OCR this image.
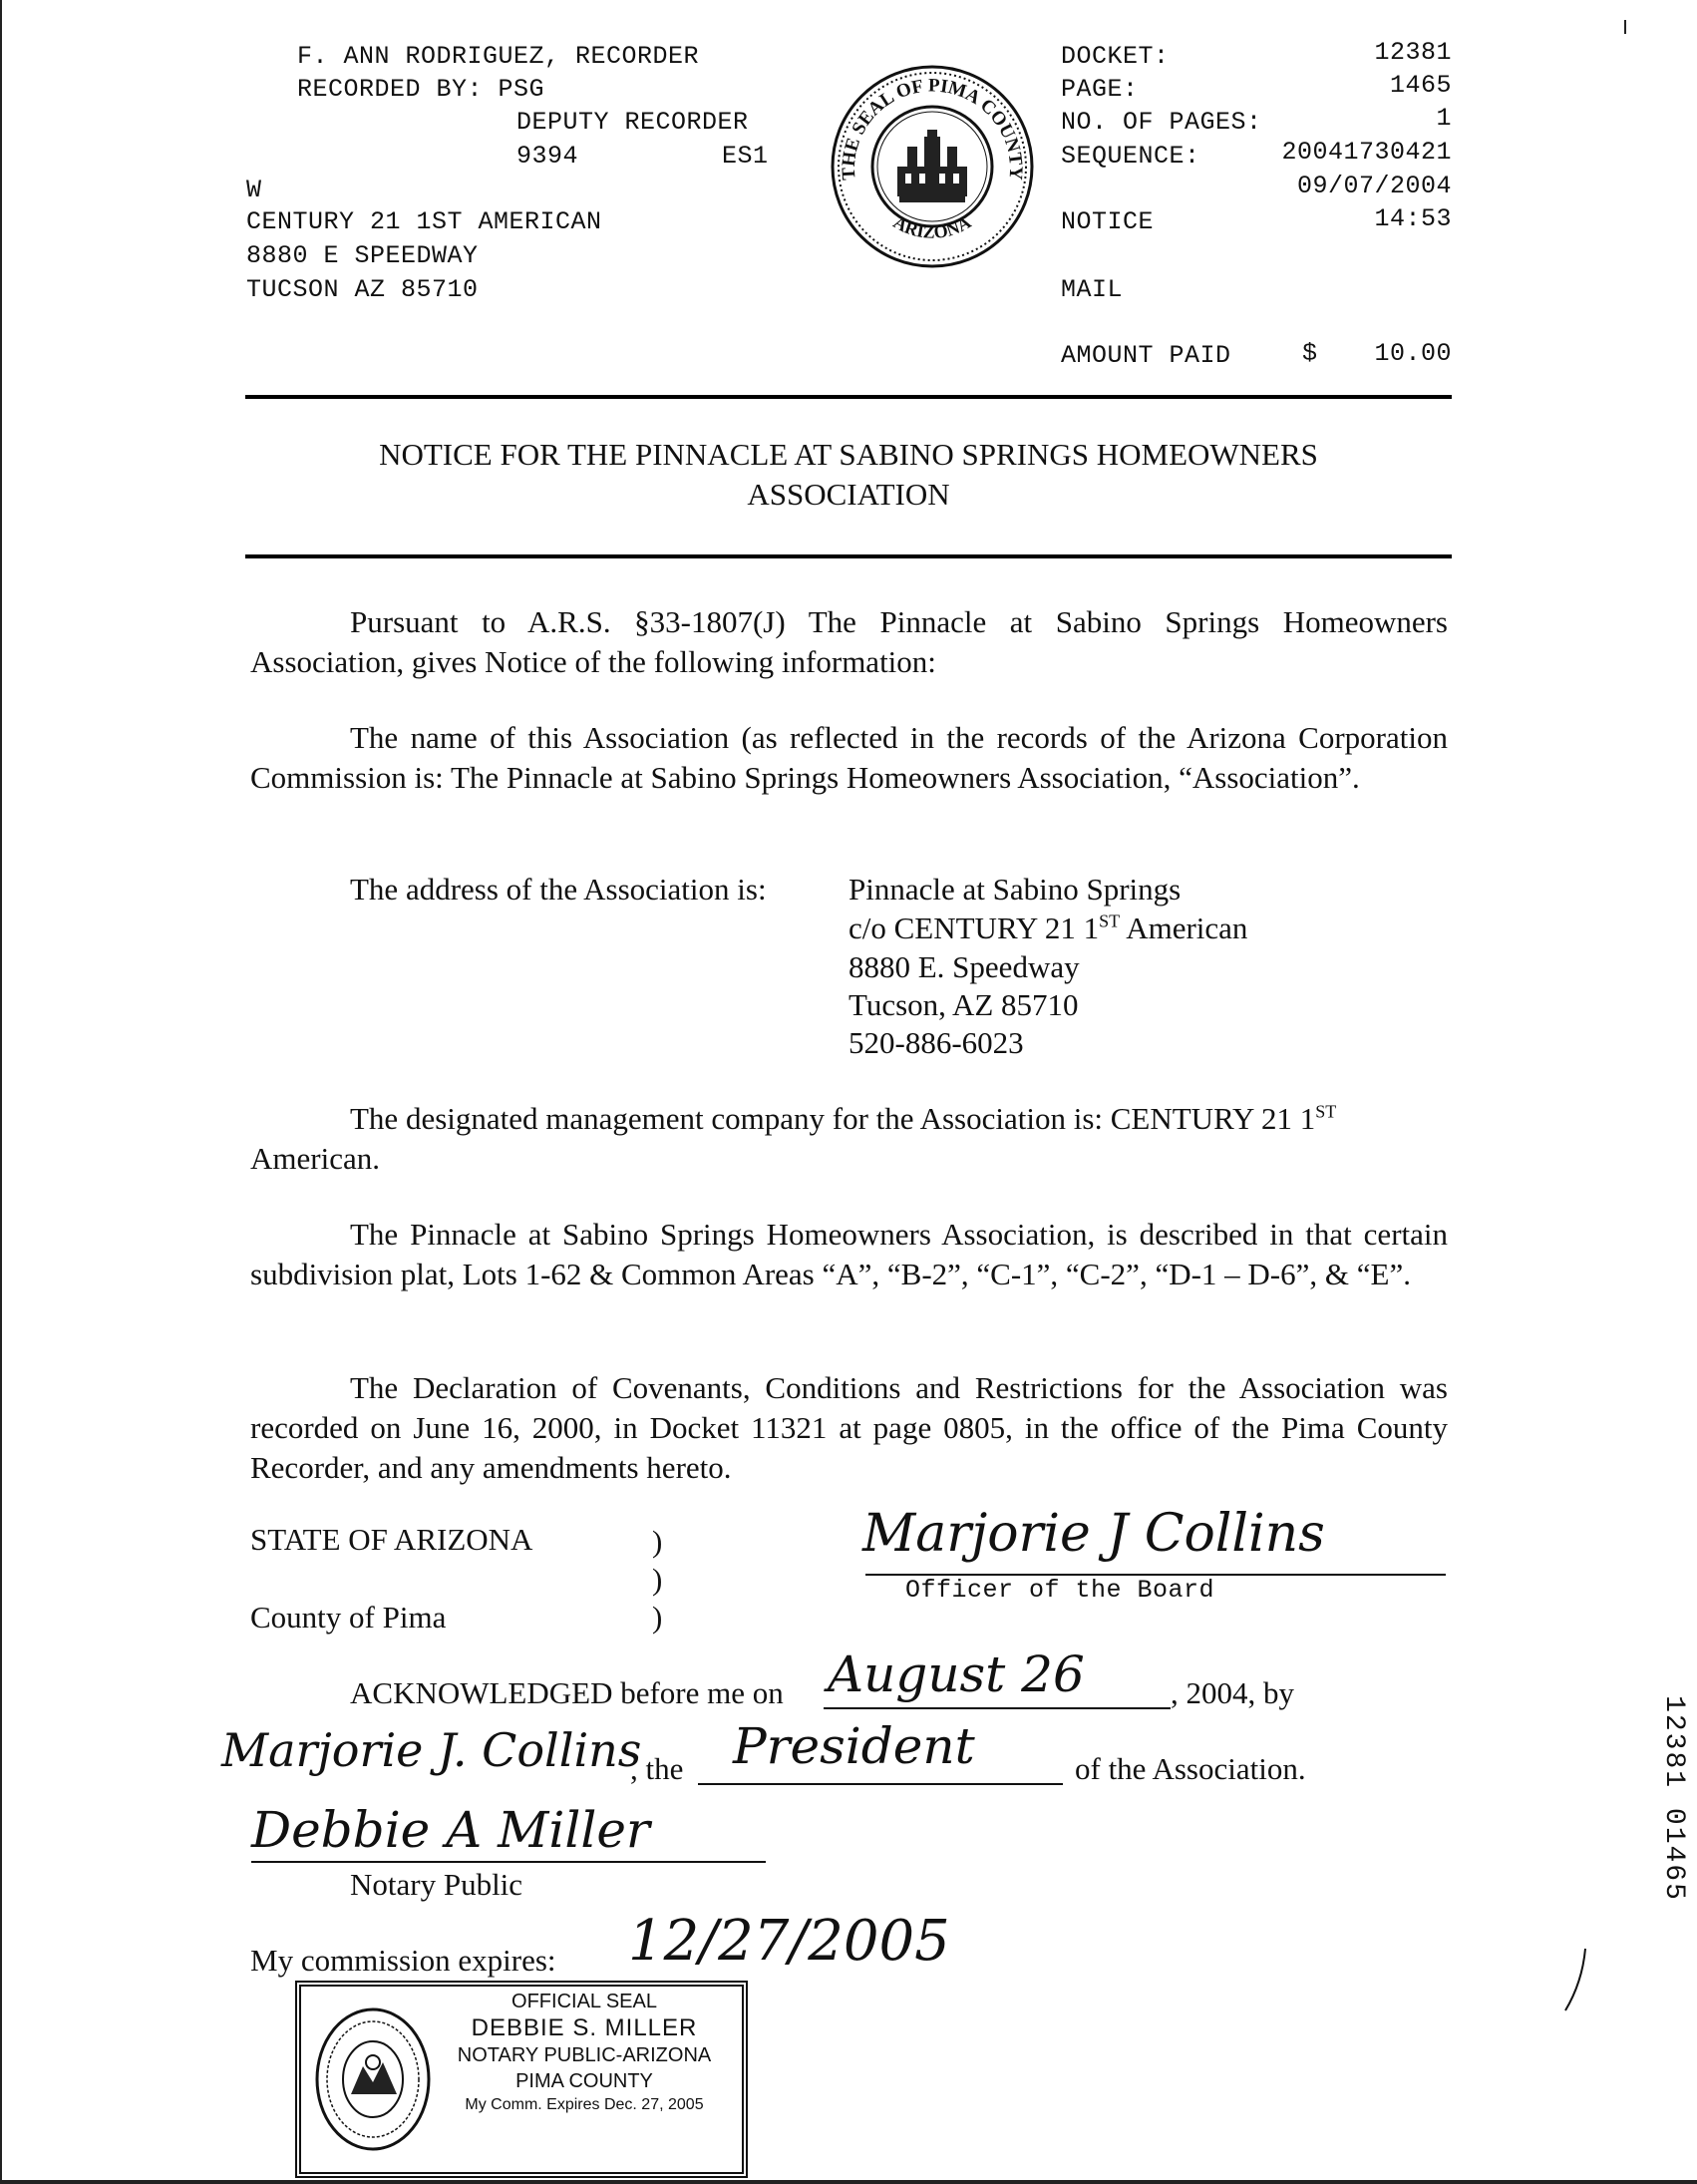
F. ANN RODRIGUEZ, RECORDER
RECORDED BY: PSG
DEPUTY RECORDER
9394	ES1
W
CENTURY 21 1ST AMERICAN
8880 E SPEEDWAY
TUCSON AZ 85710
THE SEAL OF PIMA COUNTY
ARIZONA
DOCKET:	12381
PAGE:	1465
NO. OF PAGES:	1
SEQUENCE:	20041730421
09/07/2004
NOTICE	14:53
MAIL
AMOUNT PAID	$ 10.00
NOTICE FOR THE PINNACLE AT SABINO SPRINGS HOMEOWNERS
ASSOCIATION
Pursuant to A.R.S. §33-1807(J) The Pinnacle at Sabino Springs Homeowners Association, gives Notice of the following information:
The name of this Association (as reflected in the records of the Arizona Corporation Commission is: The Pinnacle at Sabino Springs Homeowners Association, “Association”.
The address of the Association is:	Pinnacle at Sabino Springs
c/o CENTURY 21 1ST American
8880 E. Speedway
Tucson, AZ 85710
520-886-6023
The designated management company for the Association is: CENTURY 21 1ST
American.
The Pinnacle at Sabino Springs Homeowners Association, is described in that certain subdivision plat, Lots 1-62 & Common Areas “A”, “B-2”, “C-1”, “C-2”, “D-1 – D-6”, & “E”.
The Declaration of Covenants, Conditions and Restrictions for the Association was recorded on June 16, 2000, in Docket 11321 at page 0805, in the office of the Pima County Recorder, and any amendments hereto.
STATE OF ARIZONA
County of Pima
)
)
)
Marjorie J Collins
Officer of the Board
ACKNOWLEDGED before me on August 26	, 2004, by
Marjorie J. Collins
, the President	of the Association.
Debbie A Miller
Notary Public
My commission expires: 12/27/2005
OFFICIAL SEAL
DEBBIE S. MILLER
NOTARY PUBLIC-ARIZONA
PIMA COUNTY
My Comm. Expires Dec. 27, 2005
12381 01465
